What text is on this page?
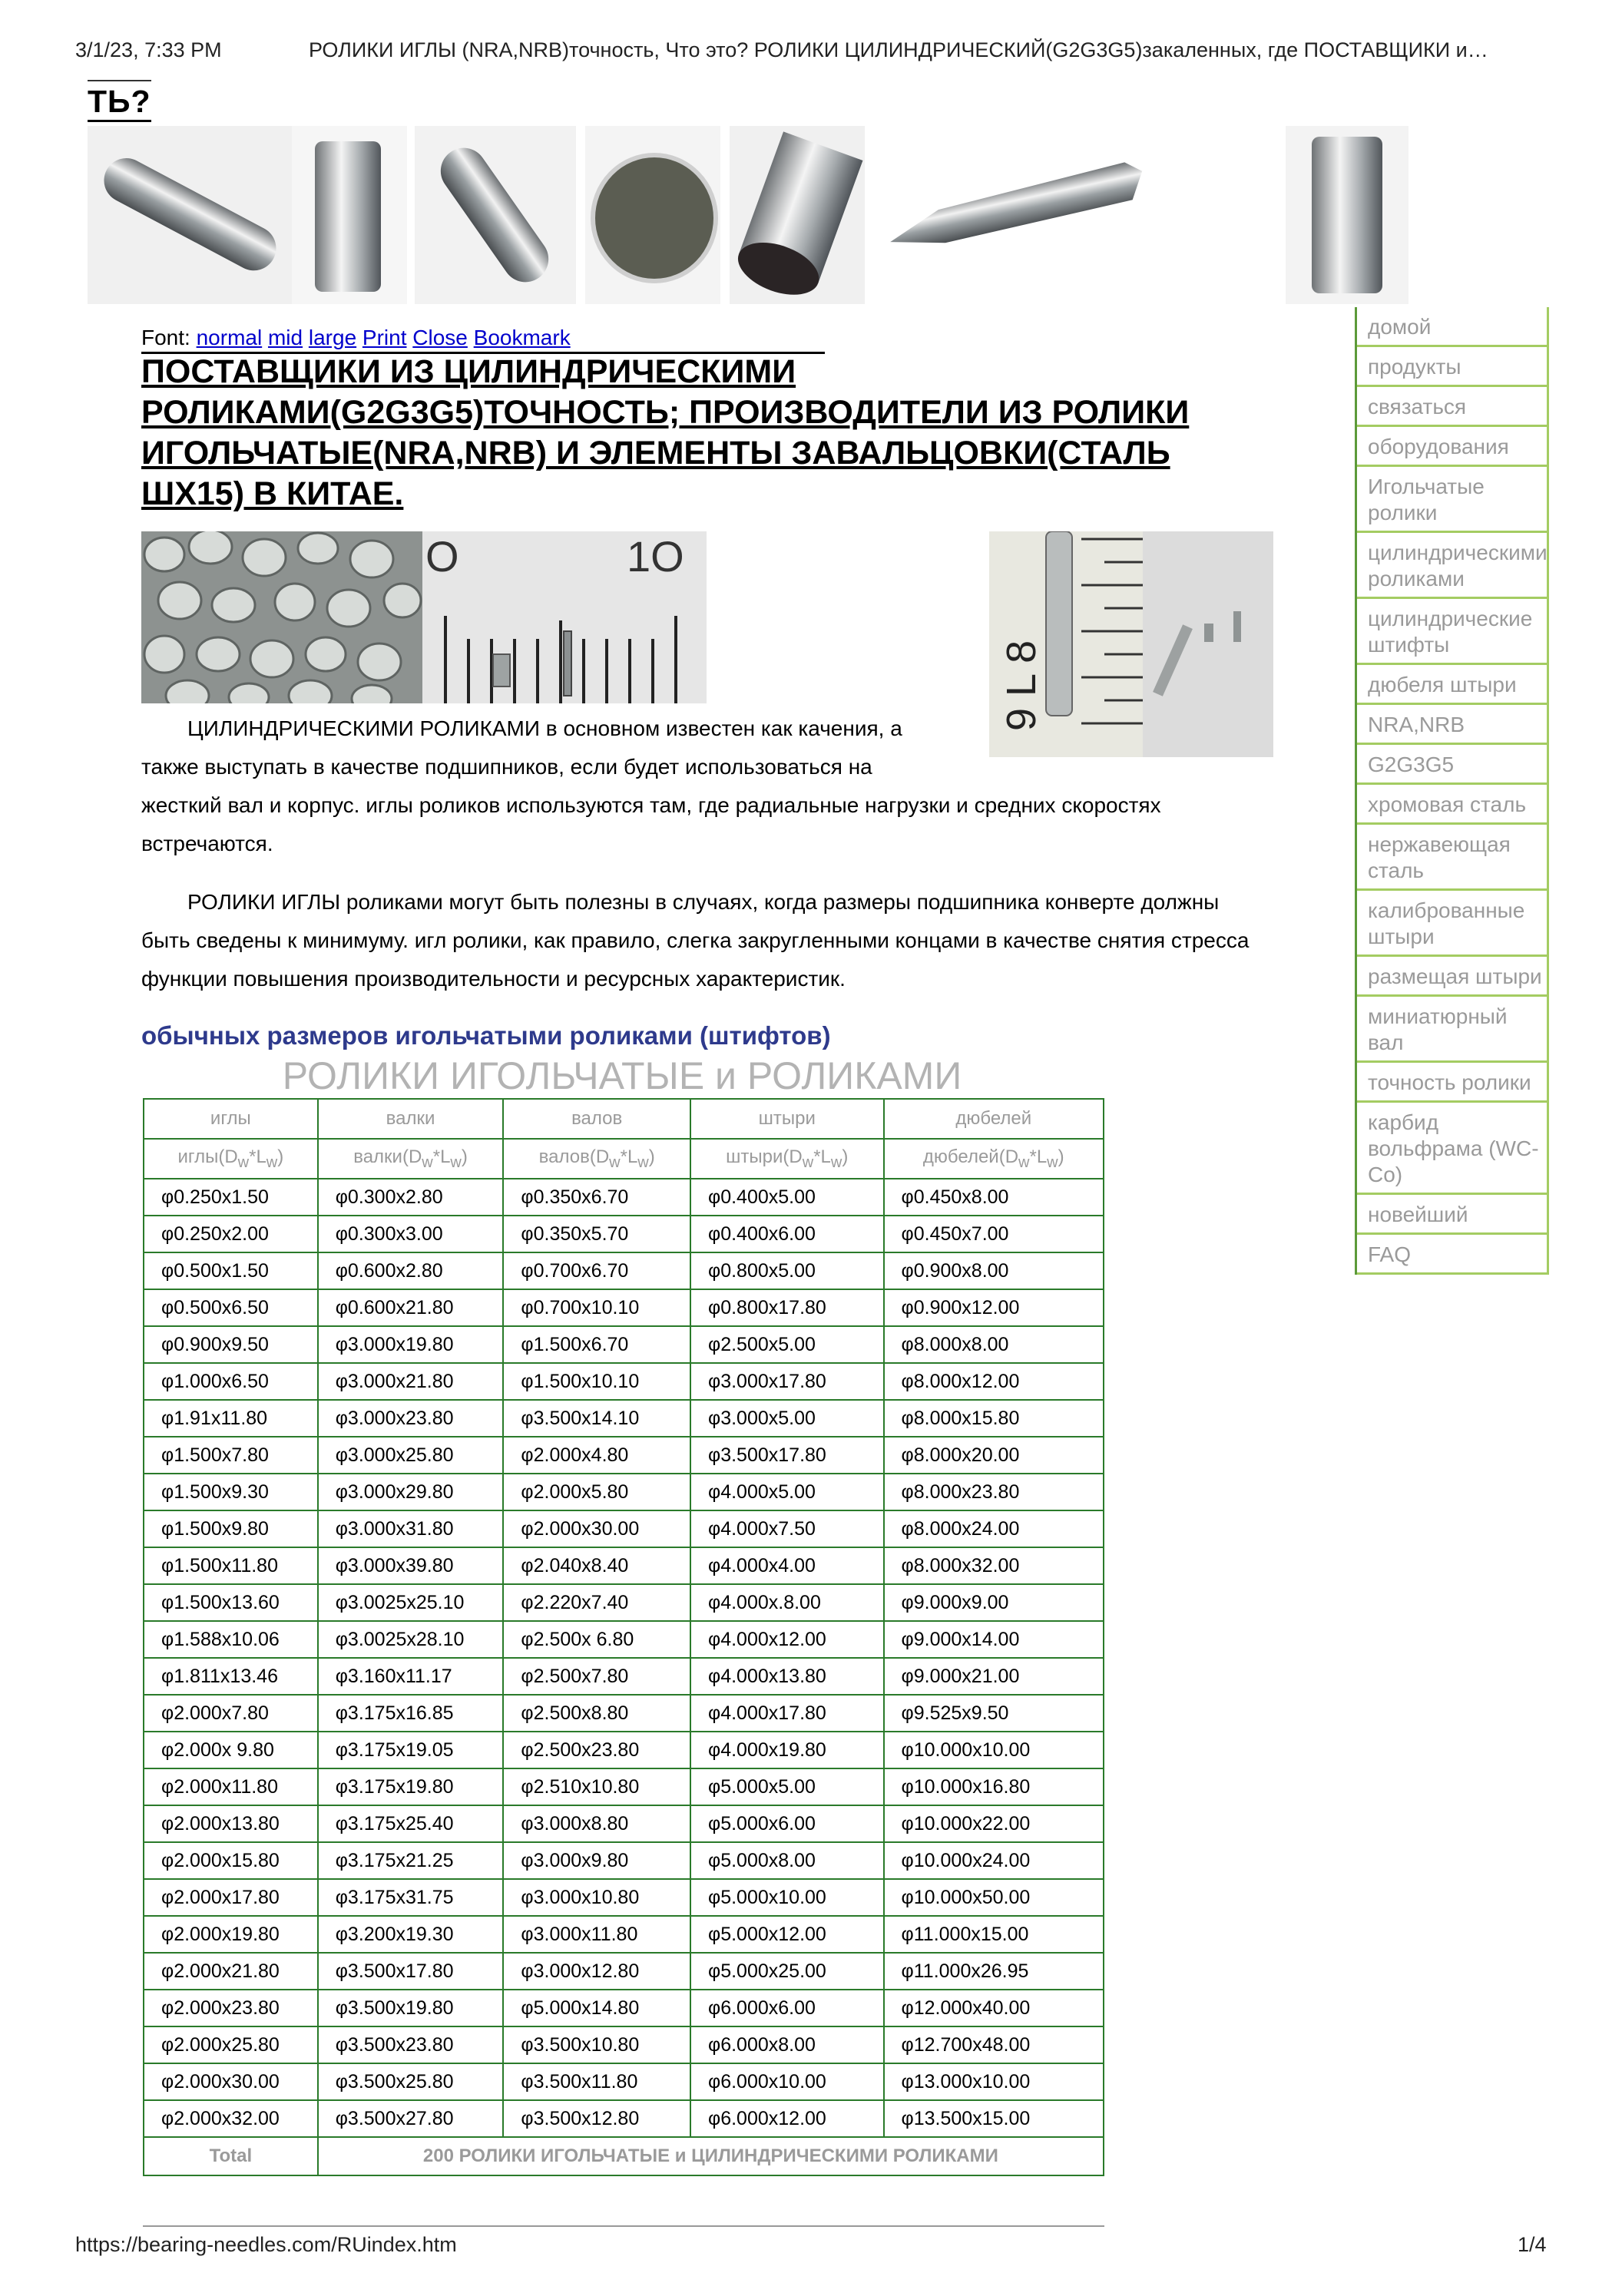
3/1/23, 7:33 PM	РОЛИКИ ИГЛЫ (NRA,NRB)точность, Что это? РОЛИКИ ЦИЛИНДРИЧЕСКИЙ(G2G3G5)закаленных, где ПОСТАВЩИКИ и…
ТЬ?
Font: normal mid large Print Close Bookmark
ПОСТАВЩИКИ ИЗ ЦИЛИНДРИЧЕСКИМИ РОЛИКАМИ(G2G3G5)ТОЧНОСТЬ; ПРОИЗВОДИТЕЛИ ИЗ РОЛИКИ ИГОЛЬЧАТЫЕ(NRA,NRB) И ЭЛЕМЕНТЫ ЗАВАЛЬЦОВКИ(СТАЛЬ ШХ15) В КИТАЕ.
O	1O
9 L 8

ЦИЛИНДРИЧЕСКИМИ РОЛИКАМИ в основном известен как качения, а также выступать в качестве подшипников, если будет использоваться на

жесткий вал и корпус. иглы роликов используются там, где радиальные нагрузки и средних скоростях встречаются.

РОЛИКИ ИГЛЫ роликами могут быть полезны в случаях, когда размеры подшипника конверте должны быть сведены к минимуму. игл ролики, как правило, слегка закругленными концами в качестве снятия стресса функции повышения производительности и ресурсных характеристик.

обычных размеров игольчатыми роликами (штифтов)
РОЛИКИ ИГОЛЬЧАТЫЕ и РОЛИКАМИ
иглы	валки	валов	штыри	дюбелей
$иглы(D_w*L_w)$	$валки(D_w*L_w)$	$валов(D_w*L_w)$	$штыри(D_w*L_w)$	$дюбелей(D_w*L_w)$
φ0.250x1.50	φ0.300x2.80	φ0.350x6.70	φ0.400x5.00	φ0.450x8.00
φ0.250x2.00	φ0.300x3.00	φ0.350x5.70	φ0.400x6.00	φ0.450x7.00
φ0.500x1.50	φ0.600x2.80	φ0.700x6.70	φ0.800x5.00	φ0.900x8.00
φ0.500x6.50	φ0.600x21.80	φ0.700x10.10	φ0.800x17.80	φ0.900x12.00
φ0.900x9.50	φ3.000x19.80	φ1.500x6.70	φ2.500x5.00	φ8.000x8.00
φ1.000x6.50	φ3.000x21.80	φ1.500x10.10	φ3.000x17.80	φ8.000x12.00
φ1.91x11.80	φ3.000x23.80	φ3.500x14.10	φ3.000x5.00	φ8.000x15.80
φ1.500x7.80	φ3.000x25.80	φ2.000x4.80	φ3.500x17.80	φ8.000x20.00
φ1.500x9.30	φ3.000x29.80	φ2.000x5.80	φ4.000x5.00	φ8.000x23.80
φ1.500x9.80	φ3.000x31.80	φ2.000x30.00	φ4.000x7.50	φ8.000x24.00
φ1.500x11.80	φ3.000x39.80	φ2.040x8.40	φ4.000x4.00	φ8.000x32.00
φ1.500x13.60	φ3.0025x25.10	φ2.220x7.40	φ4.000x.8.00	φ9.000x9.00
φ1.588x10.06	φ3.0025x28.10	φ2.500x 6.80	φ4.000x12.00	φ9.000x14.00
φ1.811x13.46	φ3.160x11.17	φ2.500x7.80	φ4.000x13.80	φ9.000x21.00
φ2.000x7.80	φ3.175x16.85	φ2.500x8.80	φ4.000x17.80	φ9.525x9.50
φ2.000x 9.80	φ3.175x19.05	φ2.500x23.80	φ4.000x19.80	φ10.000x10.00
φ2.000x11.80	φ3.175x19.80	φ2.510x10.80	φ5.000x5.00	φ10.000x16.80
φ2.000x13.80	φ3.175x25.40	φ3.000x8.80	φ5.000x6.00	φ10.000x22.00
φ2.000x15.80	φ3.175x21.25	φ3.000x9.80	φ5.000x8.00	φ10.000x24.00
φ2.000x17.80	φ3.175x31.75	φ3.000x10.80	φ5.000x10.00	φ10.000x50.00
φ2.000x19.80	φ3.200x19.30	φ3.000x11.80	φ5.000x12.00	φ11.000x15.00
φ2.000x21.80	φ3.500x17.80	φ3.000x12.80	φ5.000x25.00	φ11.000x26.95
φ2.000x23.80	φ3.500x19.80	φ5.000x14.80	φ6.000x6.00	φ12.000x40.00
φ2.000x25.80	φ3.500x23.80	φ3.500x10.80	φ6.000x8.00	φ12.700x48.00
φ2.000x30.00	φ3.500x25.80	φ3.500x11.80	φ6.000x10.00	φ13.000x10.00
φ2.000x32.00	φ3.500x27.80	φ3.500x12.80	φ6.000x12.00	φ13.500x15.00
Total	200 РОЛИКИ ИГОЛЬЧАТЫЕ и ЦИЛИНДРИЧЕСКИМИ РОЛИКАМИ			
домой
продукты
связаться
оборудования
Игольчатые ролики
цилиндрическими роликами
цилиндрические штифты
дюбеля штыри
NRA,NRB
G2G3G5
хромовая сталь
нержавеющая сталь
калиброванные штыри
размещая штыри
миниатюрный вал
точность ролики
карбид вольфрама (WC-Co)
новейший
FAQ
https://bearing-needles.com/RUindex.htm	1/4
